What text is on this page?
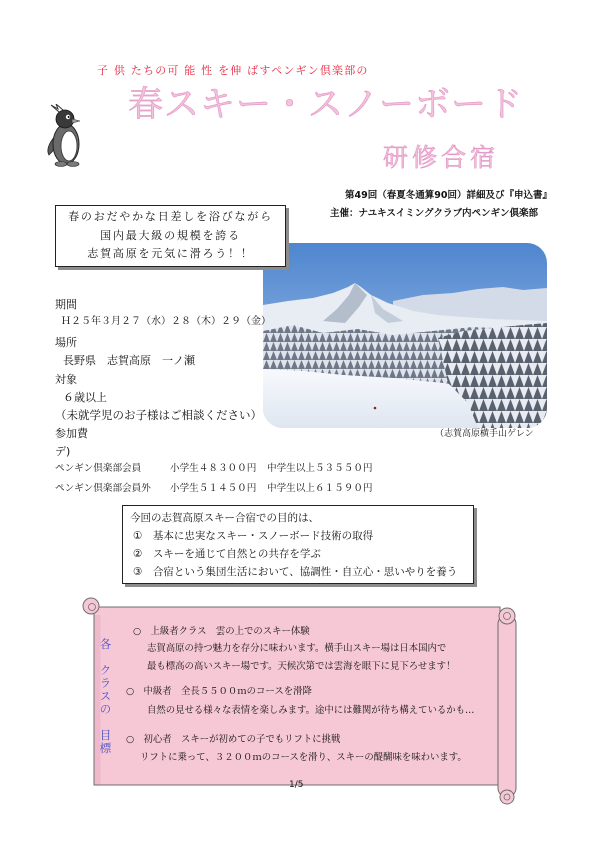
子 供 たちの可 能 性 を伸 ばすペンギン倶楽部の
春スキー・スノーボード
研修合宿
第49回（春夏冬通算90回）詳細及び『申込書』
主催：ナユキスイミングクラブ内ペンギン倶楽部
（志賀高原横手山ゲレン
春のおだやかな日差しを浴びながら
国内最大級の規模を誇る
志賀高原を元気に滑ろう！！
期間
Ｈ２５年３月２７（水）２８（木）２９（金）
場所
長野県　志賀高原　一ノ瀬
対象
６歳以上
（未就学児のお子様はご相談ください）
参加費
デ)
ペンギン倶楽部会員	小学生４８３００円 中学生以上５３５５０円
ペンギン倶楽部会員外 小学生５１４５０円 中学生以上６１５９０円
今回の志賀高原スキー合宿での目的は、
①　基本に忠実なスキー・スノーボード技術の取得
②　スキーを通じて自然との共存を学ぶ
③　合宿という集団生活において、協調性・自立心・思いやりを養う
各　クラスの　目標
○　上級者クラス　雲の上でのスキー体験
志賀高原の持つ魅力を存分に味わいます。横手山スキー場は日本国内で
最も標高の高いスキー場です。天候次第では雲海を眼下に見下ろせます！
○　中級者　全長５５００ｍのコースを滑降
自然の見せる様々な表情を楽しみます。途中には難関が待ち構えているかも…
○　初心者　スキーが初めての子でもリフトに挑戦
リフトに乗って、３２００ｍのコースを滑り、スキーの醍醐味を味わいます。
1/5
